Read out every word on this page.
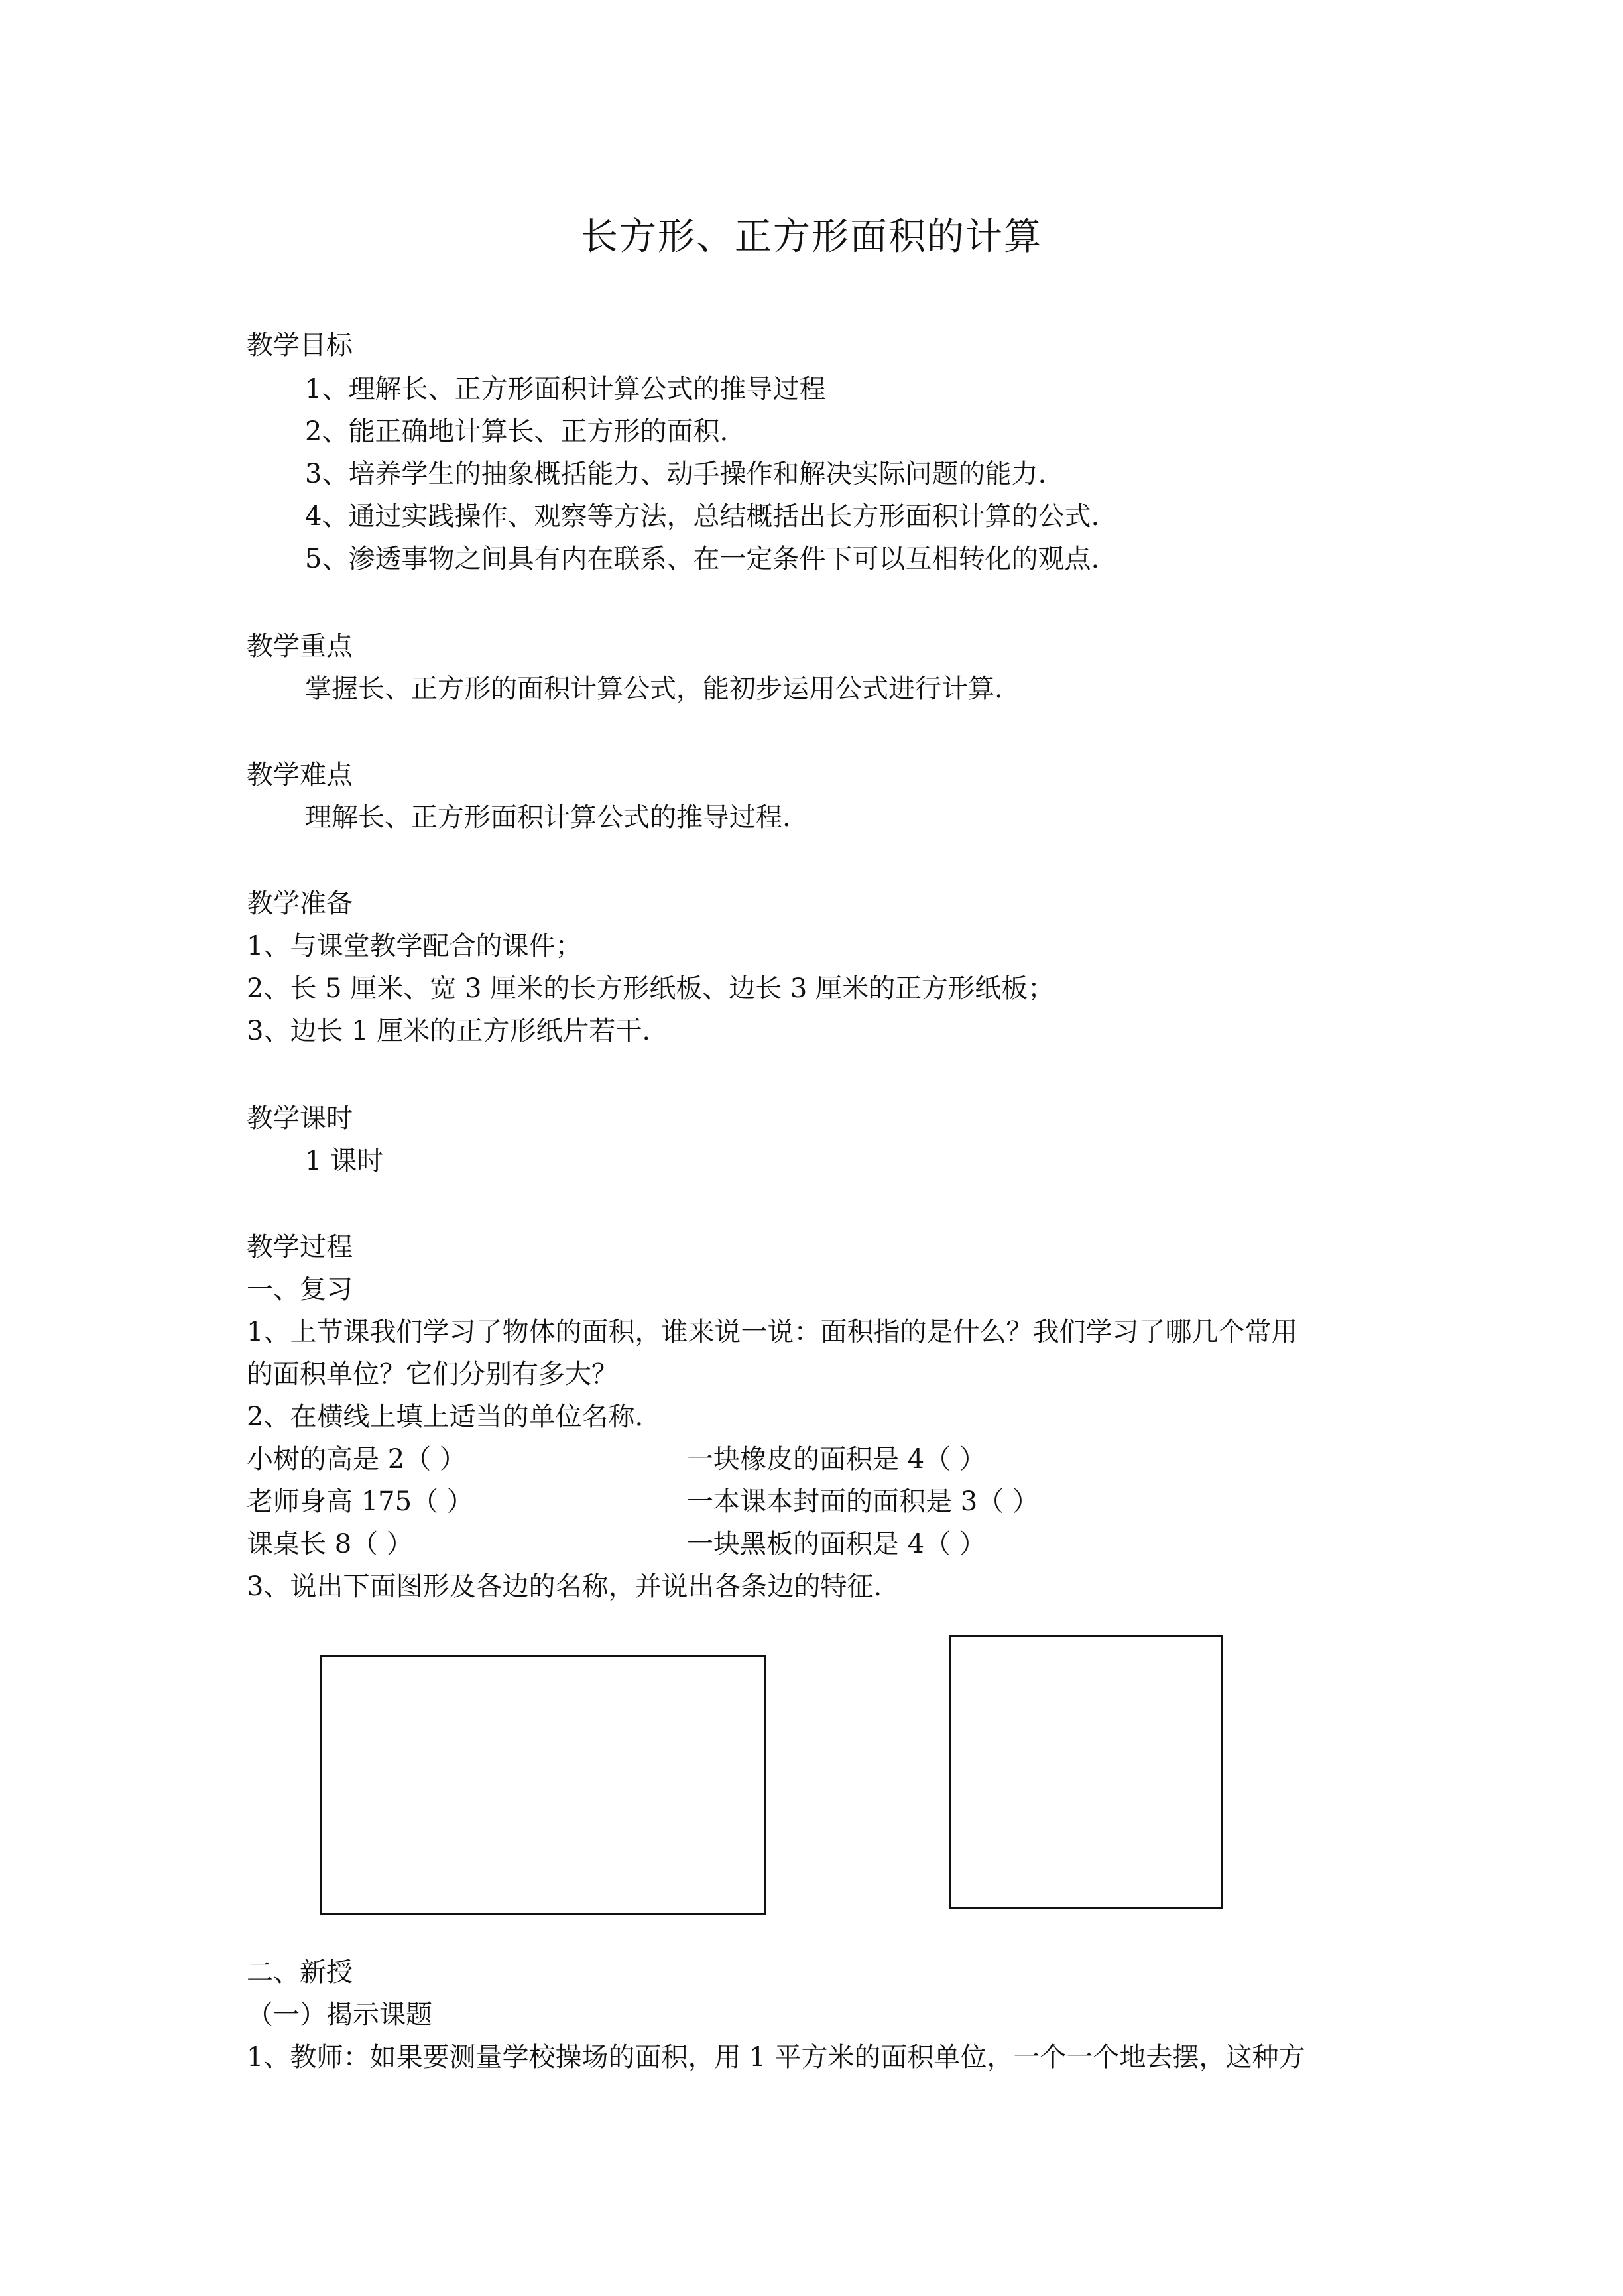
长方形、正方形面积的计算
教学目标
1、理解长、正方形面积计算公式的推导过程
2、能正确地计算长、正方形的面积.
3、培养学生的抽象概括能力、动手操作和解决实际问题的能力.
4、通过实践操作、观察等方法，总结概括出长方形面积计算的公式.
5、渗透事物之间具有内在联系、在一定条件下可以互相转化的观点.
教学重点
掌握长、正方形的面积计算公式，能初步运用公式进行计算.
教学难点
理解长、正方形面积计算公式的推导过程.
教学准备
1、与课堂教学配合的课件；
2、长 5 厘米、宽 3 厘米的长方形纸板、边长 3 厘米的正方形纸板；
3、边长 1 厘米的正方形纸片若干.
教学课时
1 课时
教学过程
一、复习
1、上节课我们学习了物体的面积，谁来说一说：面积指的是什么？我们学习了哪几个常用
的面积单位？它们分别有多大？
2、在横线上填上适当的单位名称.
小树的高是 2（ ）	一块橡皮的面积是 4（ ）
老师身高 175（ ）	一本课本封面的面积是 3（ ）
课桌长 8（ ）	一块黑板的面积是 4（ ）
3、说出下面图形及各边的名称，并说出各条边的特征.
二、新授
（一）揭示课题
1、教师：如果要测量学校操场的面积，用 1 平方米的面积单位，一个一个地去摆，这种方
